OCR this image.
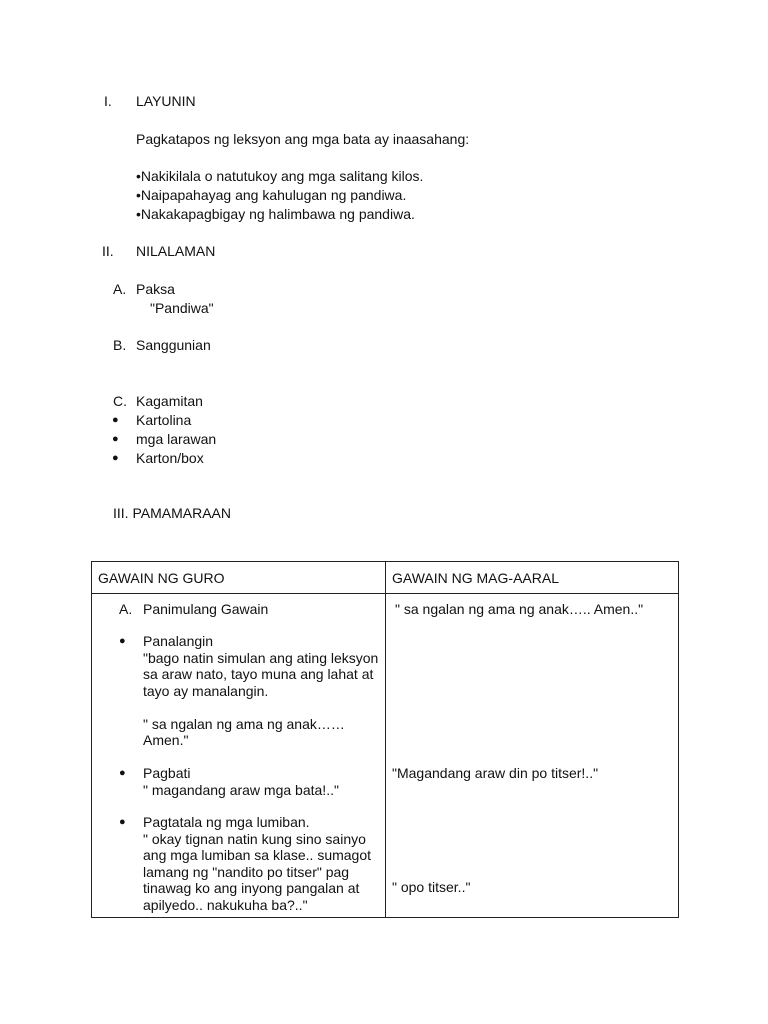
I. LAYUNIN
Pagkatapos ng leksyon ang mga bata ay inaasahang:
•Nakikilala o natutukoy ang mga salitang kilos.
•Naipapahayag ang kahulugan ng pandiwa.
•Nakakapagbigay ng halimbawa ng pandiwa.
II. NILALAMAN
A. Paksa
"Pandiwa"
B. Sanggunian
C. Kagamitan
● Kartolina
● mga larawan
● Karton/box
III. PAMAMARAAN
GAWAIN NG GURO	GAWAIN NG MAG-AARAL
A. Panimulang Gawain
● Panalangin
"bago natin simulan ang ating leksyon
sa araw nato, tayo muna ang lahat at
tayo ay manalangin.
" sa ngalan ng ama ng anak……
Amen."
● Pagbati
" magandang araw mga bata!.."
● Pagtatala ng mga lumiban.
" okay tignan natin kung sino sainyo
ang mga lumiban sa klase.. sumagot
lamang ng "nandito po titser" pag
tinawag ko ang inyong pangalan at
apilyedo.. nakukuha ba?.."
" sa ngalan ng ama ng anak….. Amen.."
"Magandang araw din po titser!.."
" opo titser.."
